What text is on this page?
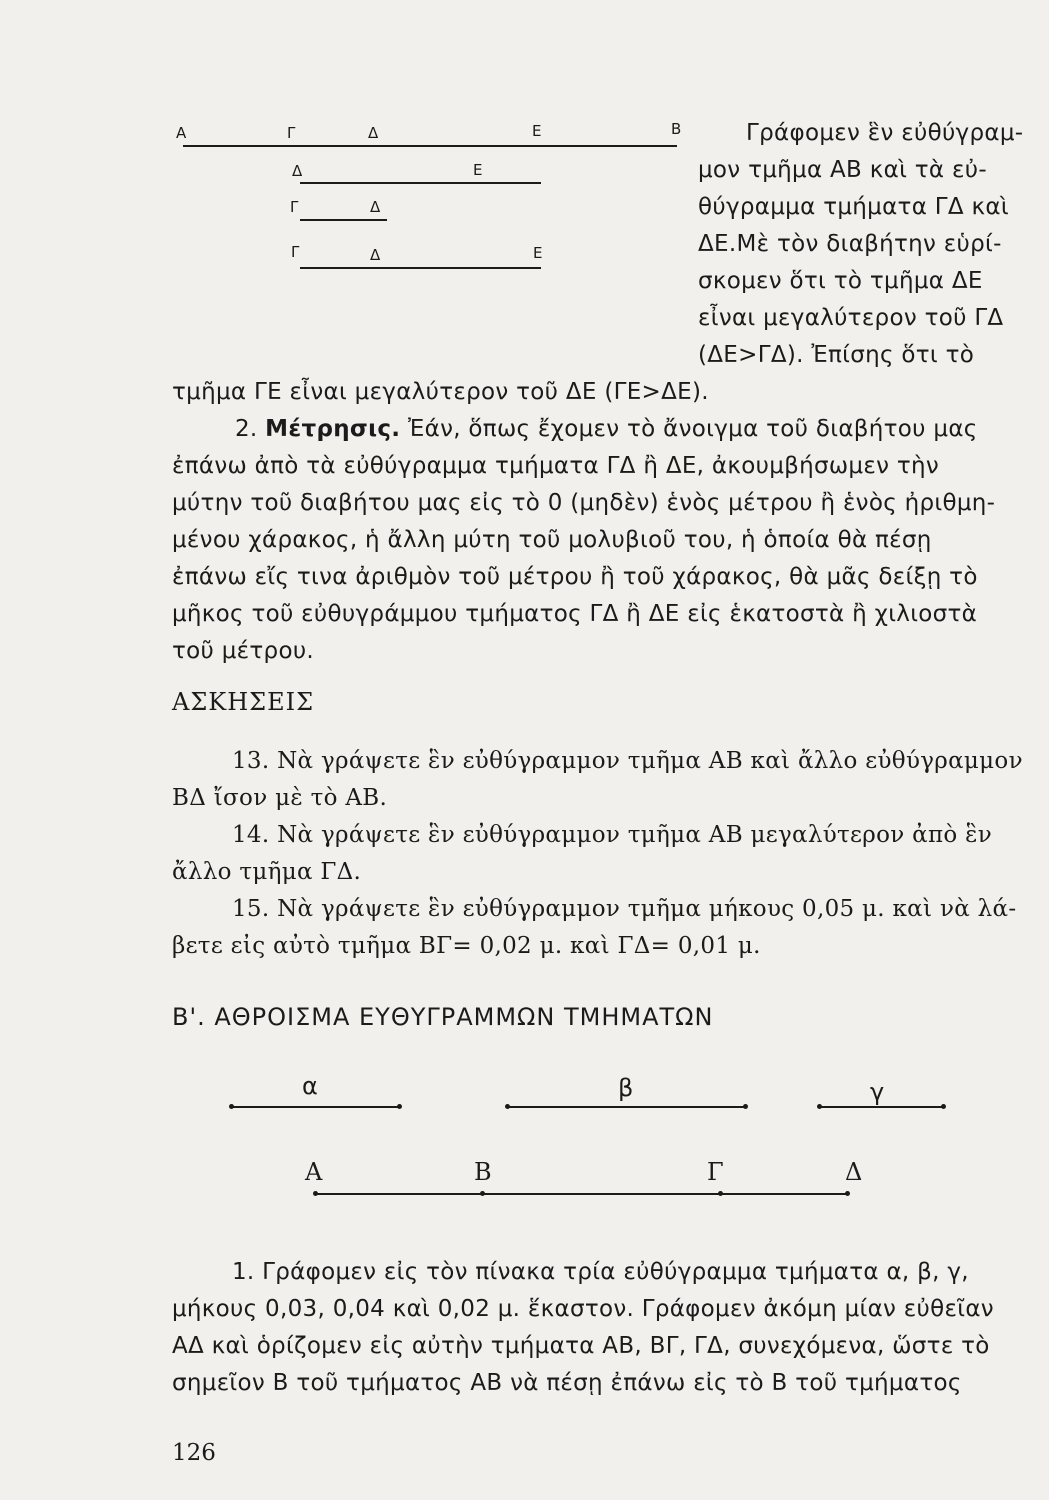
Α	Γ	Δ	Ε	Β
Δ	Ε
Γ	Δ
Γ	Δ	Ε
Γράφομεν ἓν εὐθύγραμ-
μον τμῆμα ΑΒ καὶ τὰ εὐ-
θύγραμμα τμήματα ΓΔ καὶ
ΔΕ.Μὲ τὸν διαβήτην εὑρί-
σκομεν ὅτι τὸ τμῆμα ΔΕ
εἶναι μεγαλύτερον τοῦ ΓΔ
(ΔΕ>ΓΔ). Ἐπίσης ὅτι τὸ
τμῆμα ΓΕ εἶναι μεγαλύτερον τοῦ ΔΕ (ΓΕ>ΔΕ).
2. Μέτρησις. Ἐάν, ὅπως ἔχομεν τὸ ἄνοιγμα τοῦ διαβήτου μας
ἐπάνω ἀπὸ τὰ εὐθύγραμμα τμήματα ΓΔ ἢ ΔΕ, ἀκουμβήσωμεν τὴν
μύτην τοῦ διαβήτου μας εἰς τὸ 0 (μηδὲν) ἑνὸς μέτρου ἢ ἑνὸς ἠριθμη-
μένου χάρακος, ἡ ἄλλη μύτη τοῦ μολυβιοῦ του, ἡ ὁποία θὰ πέσῃ
ἐπάνω εἴς τινα ἀριθμὸν τοῦ μέτρου ἢ τοῦ χάρακος, θὰ μᾶς δείξῃ τὸ
μῆκος τοῦ εὐθυγράμμου τμήματος ΓΔ ἢ ΔΕ εἰς ἑκατοστὰ ἢ χιλιοστὰ
τοῦ μέτρου.
ΑΣΚΗΣΕΙΣ
13. Νὰ γράψετε ἓν εὐθύγραμμον τμῆμα ΑΒ καὶ ἄλλο εὐθύγραμμον
ΒΔ ἴσον μὲ τὸ ΑΒ.
14. Νὰ γράψετε ἓν εὐθύγραμμον τμῆμα ΑΒ μεγαλύτερον ἀπὸ ἓν
ἄλλο τμῆμα ΓΔ.
15. Νὰ γράψετε ἓν εὐθύγραμμον τμῆμα μήκους 0,05 μ. καὶ νὰ λά-
βετε εἰς αὐτὸ τμῆμα ΒΓ= 0,02 μ. καὶ ΓΔ= 0,01 μ.
Β'. ΑΘΡΟΙΣΜΑ ΕΥΘΥΓΡΑΜΜΩΝ ΤΜΗΜΑΤΩΝ
α	β	γ
Α	Β	Γ	Δ
1. Γράφομεν εἰς τὸν πίνακα τρία εὐθύγραμμα τμήματα α, β, γ,
μήκους 0,03, 0,04 καὶ 0,02 μ. ἕκαστον. Γράφομεν ἀκόμη μίαν εὐθεῖαν
ΑΔ καὶ ὁρίζομεν εἰς αὐτὴν τμήματα ΑΒ, ΒΓ, ΓΔ, συνεχόμενα, ὥστε τὸ
σημεῖον Β τοῦ τμήματος ΑΒ νὰ πέσῃ ἐπάνω εἰς τὸ Β τοῦ τμήματος
126
